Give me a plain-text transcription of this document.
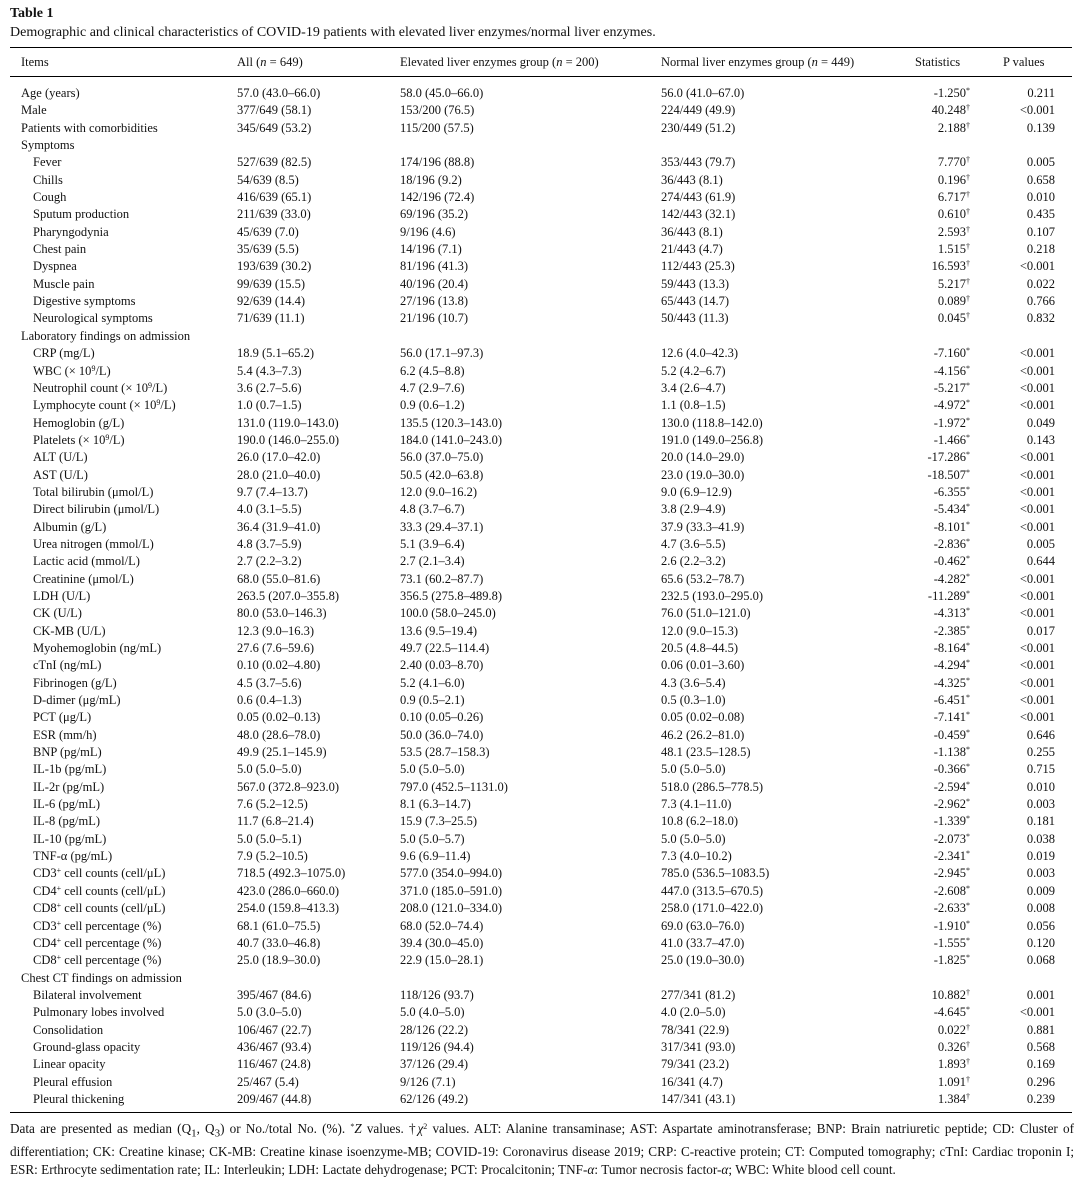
Table 1
Demographic and clinical characteristics of COVID-19 patients with elevated liver enzymes/normal liver enzymes.
Items	All (n = 649)	Elevated liver enzymes group (n = 200)	Normal liver enzymes group (n = 449)	Statistics	P values
Age (years)	57.0 (43.0–66.0)	58.0 (45.0–66.0)	56.0 (41.0–67.0)	-1.250*	0.211
Male	377/649 (58.1)	153/200 (76.5)	224/449 (49.9)	40.248†	<0.001
Patients with comorbidities	345/649 (53.2)	115/200 (57.5)	230/449 (51.2)	2.188†	0.139
Symptoms
Fever	527/639 (82.5)	174/196 (88.8)	353/443 (79.7)	7.770†	0.005
Chills	54/639 (8.5)	18/196 (9.2)	36/443 (8.1)	0.196†	0.658
Cough	416/639 (65.1)	142/196 (72.4)	274/443 (61.9)	6.717†	0.010
Sputum production	211/639 (33.0)	69/196 (35.2)	142/443 (32.1)	0.610†	0.435
Pharyngodynia	45/639 (7.0)	9/196 (4.6)	36/443 (8.1)	2.593†	0.107
Chest pain	35/639 (5.5)	14/196 (7.1)	21/443 (4.7)	1.515†	0.218
Dyspnea	193/639 (30.2)	81/196 (41.3)	112/443 (25.3)	16.593†	<0.001
Muscle pain	99/639 (15.5)	40/196 (20.4)	59/443 (13.3)	5.217†	0.022
Digestive symptoms	92/639 (14.4)	27/196 (13.8)	65/443 (14.7)	0.089†	0.766
Neurological symptoms	71/639 (11.1)	21/196 (10.7)	50/443 (11.3)	0.045†	0.832
Laboratory findings on admission
CRP (mg/L)	18.9 (5.1–65.2)	56.0 (17.1–97.3)	12.6 (4.0–42.3)	-7.160*	<0.001
WBC (× $10^9/L$)	5.4 (4.3–7.3)	6.2 (4.5–8.8)	5.2 (4.2–6.7)	-4.156*	<0.001
Neutrophil count (× $10^9/L$)	3.6 (2.7–5.6)	4.7 (2.9–7.6)	3.4 (2.6–4.7)	-5.217*	<0.001
Lymphocyte count (× $10^9/L$)	1.0 (0.7–1.5)	0.9 (0.6–1.2)	1.1 (0.8–1.5)	-4.972*	<0.001
Hemoglobin (g/L)	131.0 (119.0–143.0)	135.5 (120.3–143.0)	130.0 (118.8–142.0)	-1.972*	0.049
Platelets (× $10^9/L$)	190.0 (146.0–255.0)	184.0 (141.0–243.0)	191.0 (149.0–256.8)	-1.466*	0.143
ALT (U/L)	26.0 (17.0–42.0)	56.0 (37.0–75.0)	20.0 (14.0–29.0)	-17.286*	<0.001
AST (U/L)	28.0 (21.0–40.0)	50.5 (42.0–63.8)	23.0 (19.0–30.0)	-18.507*	<0.001
Total bilirubin (μmol/L)	9.7 (7.4–13.7)	12.0 (9.0–16.2)	9.0 (6.9–12.9)	-6.355*	<0.001
Direct bilirubin (μmol/L)	4.0 (3.1–5.5)	4.8 (3.7–6.7)	3.8 (2.9–4.9)	-5.434*	<0.001
Albumin (g/L)	36.4 (31.9–41.0)	33.3 (29.4–37.1)	37.9 (33.3–41.9)	-8.101*	<0.001
Urea nitrogen (mmol/L)	4.8 (3.7–5.9)	5.1 (3.9–6.4)	4.7 (3.6–5.5)	-2.836*	0.005
Lactic acid (mmol/L)	2.7 (2.2–3.2)	2.7 (2.1–3.4)	2.6 (2.2–3.2)	-0.462*	0.644
Creatinine (μmol/L)	68.0 (55.0–81.6)	73.1 (60.2–87.7)	65.6 (53.2–78.7)	-4.282*	<0.001
LDH (U/L)	263.5 (207.0–355.8)	356.5 (275.8–489.8)	232.5 (193.0–295.0)	-11.289*	<0.001
CK (U/L)	80.0 (53.0–146.3)	100.0 (58.0–245.0)	76.0 (51.0–121.0)	-4.313*	<0.001
CK-MB (U/L)	12.3 (9.0–16.3)	13.6 (9.5–19.4)	12.0 (9.0–15.3)	-2.385*	0.017
Myohemoglobin (ng/mL)	27.6 (7.6–59.6)	49.7 (22.5–114.4)	20.5 (4.8–44.5)	-8.164*	<0.001
cTnI (ng/mL)	0.10 (0.02–4.80)	2.40 (0.03–8.70)	0.06 (0.01–3.60)	-4.294*	<0.001
Fibrinogen (g/L)	4.5 (3.7–5.6)	5.2 (4.1–6.0)	4.3 (3.6–5.4)	-4.325*	<0.001
D-dimer (μg/mL)	0.6 (0.4–1.3)	0.9 (0.5–2.1)	0.5 (0.3–1.0)	-6.451*	<0.001
PCT (μg/L)	0.05 (0.02–0.13)	0.10 (0.05–0.26)	0.05 (0.02–0.08)	-7.141*	<0.001
ESR (mm/h)	48.0 (28.6–78.0)	50.0 (36.0–74.0)	46.2 (26.2–81.0)	-0.459*	0.646
BNP (pg/mL)	49.9 (25.1–145.9)	53.5 (28.7–158.3)	48.1 (23.5–128.5)	-1.138*	0.255
IL-1b (pg/mL)	5.0 (5.0–5.0)	5.0 (5.0–5.0)	5.0 (5.0–5.0)	-0.366*	0.715
IL-2r (pg/mL)	567.0 (372.8–923.0)	797.0 (452.5–1131.0)	518.0 (286.5–778.5)	-2.594*	0.010
IL-6 (pg/mL)	7.6 (5.2–12.5)	8.1 (6.3–14.7)	7.3 (4.1–11.0)	-2.962*	0.003
IL-8 (pg/mL)	11.7 (6.8–21.4)	15.9 (7.3–25.5)	10.8 (6.2–18.0)	-1.339*	0.181
IL-10 (pg/mL)	5.0 (5.0–5.1)	5.0 (5.0–5.7)	5.0 (5.0–5.0)	-2.073*	0.038
TNF-α (pg/mL)	7.9 (5.2–10.5)	9.6 (6.9–11.4)	7.3 (4.0–10.2)	-2.341*	0.019
CD3+ cell counts (cell/μL)	718.5 (492.3–1075.0)	577.0 (354.0–994.0)	785.0 (536.5–1083.5)	-2.945*	0.003
CD4+ cell counts (cell/μL)	423.0 (286.0–660.0)	371.0 (185.0–591.0)	447.0 (313.5–670.5)	-2.608*	0.009
CD8+ cell counts (cell/μL)	254.0 (159.8–413.3)	208.0 (121.0–334.0)	258.0 (171.0–422.0)	-2.633*	0.008
CD3+ cell percentage (%)	68.1 (61.0–75.5)	68.0 (52.0–74.4)	69.0 (63.0–76.0)	-1.910*	0.056
CD4+ cell percentage (%)	40.7 (33.0–46.8)	39.4 (30.0–45.0)	41.0 (33.7–47.0)	-1.555*	0.120
CD8+ cell percentage (%)	25.0 (18.9–30.0)	22.9 (15.0–28.1)	25.0 (19.0–30.0)	-1.825*	0.068
Chest CT findings on admission
Bilateral involvement	395/467 (84.6)	118/126 (93.7)	277/341 (81.2)	10.882†	0.001
Pulmonary lobes involved	5.0 (3.0–5.0)	5.0 (4.0–5.0)	4.0 (2.0–5.0)	-4.645*	<0.001
Consolidation	106/467 (22.7)	28/126 (22.2)	78/341 (22.9)	0.022†	0.881
Ground-glass opacity	436/467 (93.4)	119/126 (94.4)	317/341 (93.0)	0.326†	0.568
Linear opacity	116/467 (24.8)	37/126 (29.4)	79/341 (23.2)	1.893†	0.169
Pleural effusion	25/467 (5.4)	9/126 (7.1)	16/341 (4.7)	1.091†	0.296
Pleural thickening	209/467 (44.8)	62/126 (49.2)	147/341 (43.1)	1.384†	0.239
Data are presented as median ($Q_1$, $Q_3$) or No./total No. (%). *Z values. $\dagger\chi^2$ values. ALT: Alanine transaminase; AST: Aspartate aminotransferase; BNP: Brain natriuretic peptide; CD: Cluster of differentiation; CK: Creatine kinase; CK-MB: Creatine kinase isoenzyme-MB; COVID-19: Coronavirus disease 2019; CRP: C-reactive protein; CT: Computed tomography; cTnI: Cardiac troponin I; ESR: Erthrocyte sedimentation rate; IL: Interleukin; LDH: Lactate dehydrogenase; PCT: Procalcitonin; TNF-α: Tumor necrosis factor-α; WBC: White blood cell count.
